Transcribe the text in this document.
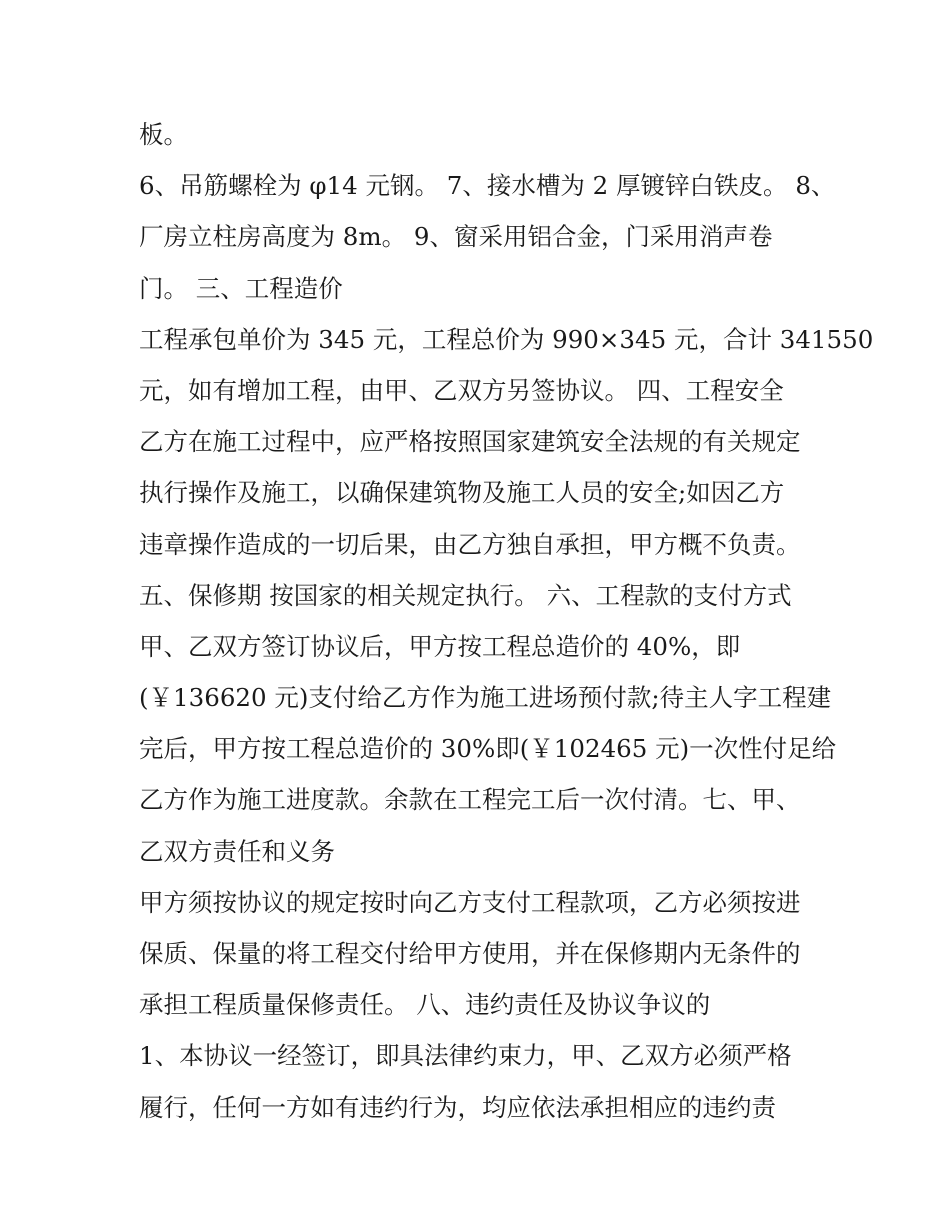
板。
6、吊筋螺栓为 φ14 元钢。 7、接水槽为 2 厚镀锌白铁皮。 8、
厂房立柱房高度为 8m。 9、窗采用铝合金，门采用消声卷
门。 三、工程造价
工程承包单价为 345 元，工程总价为 990×345 元，合计 341550
元，如有增加工程，由甲、乙双方另签协议。 四、工程安全
乙方在施工过程中，应严格按照国家建筑安全法规的有关规定
执行操作及施工，以确保建筑物及施工人员的安全;如因乙方
违章操作造成的一切后果，由乙方独自承担，甲方概不负责。
五、保修期 按国家的相关规定执行。 六、工程款的支付方式
甲、乙双方签订协议后，甲方按工程总造价的 40%，即
(￥136620 元)支付给乙方作为施工进场预付款;待主人字工程建
完后，甲方按工程总造价的 30%即(￥102465 元)一次性付足给
乙方作为施工进度款。余款在工程完工后一次付清。七、甲、
乙双方责任和义务
甲方须按协议的规定按时向乙方支付工程款项，乙方必须按进
保质、保量的将工程交付给甲方使用，并在保修期内无条件的
承担工程质量保修责任。 八、违约责任及协议争议的
1、本协议一经签订，即具法律约束力，甲、乙双方必须严格
履行，任何一方如有违约行为，均应依法承担相应的违约责
